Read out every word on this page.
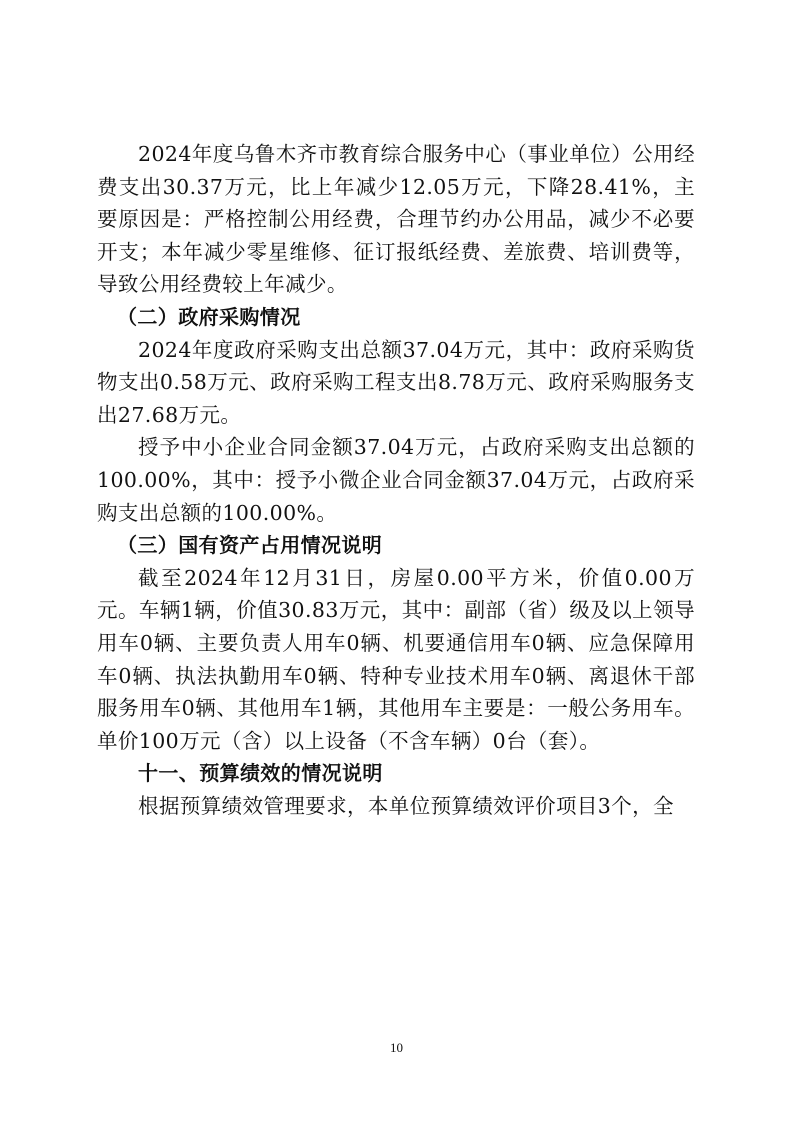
2024年度乌鲁木齐市教育综合服务中心（事业单位）公用经费支出30.37万元，比上年减少12.05万元，下降28.41%，主要原因是：严格控制公用经费，合理节约办公用品，减少不必要开支；本年减少零星维修、征订报纸经费、差旅费、培训费等，导致公用经费较上年减少。

（二）政府采购情况

2024年度政府采购支出总额37.04万元，其中：政府采购货物支出0.58万元、政府采购工程支出8.78万元、政府采购服务支出27.68万元。

授予中小企业合同金额37.04万元，占政府采购支出总额的100.00%，其中：授予小微企业合同金额37.04万元，占政府采购支出总额的100.00%。

（三）国有资产占用情况说明

截至2024年12月31日，房屋0.00平方米，价值0.00万元。车辆1辆，价值30.83万元，其中：副部（省）级及以上领导用车0辆、主要负责人用车0辆、机要通信用车0辆、应急保障用车0辆、执法执勤用车0辆、特种专业技术用车0辆、离退休干部服务用车0辆、其他用车1辆，其他用车主要是：一般公务用车。单价100万元（含）以上设备（不含车辆）0台（套）。

十一、预算绩效的情况说明

根据预算绩效管理要求，本单位预算绩效评价项目3个，全

10
